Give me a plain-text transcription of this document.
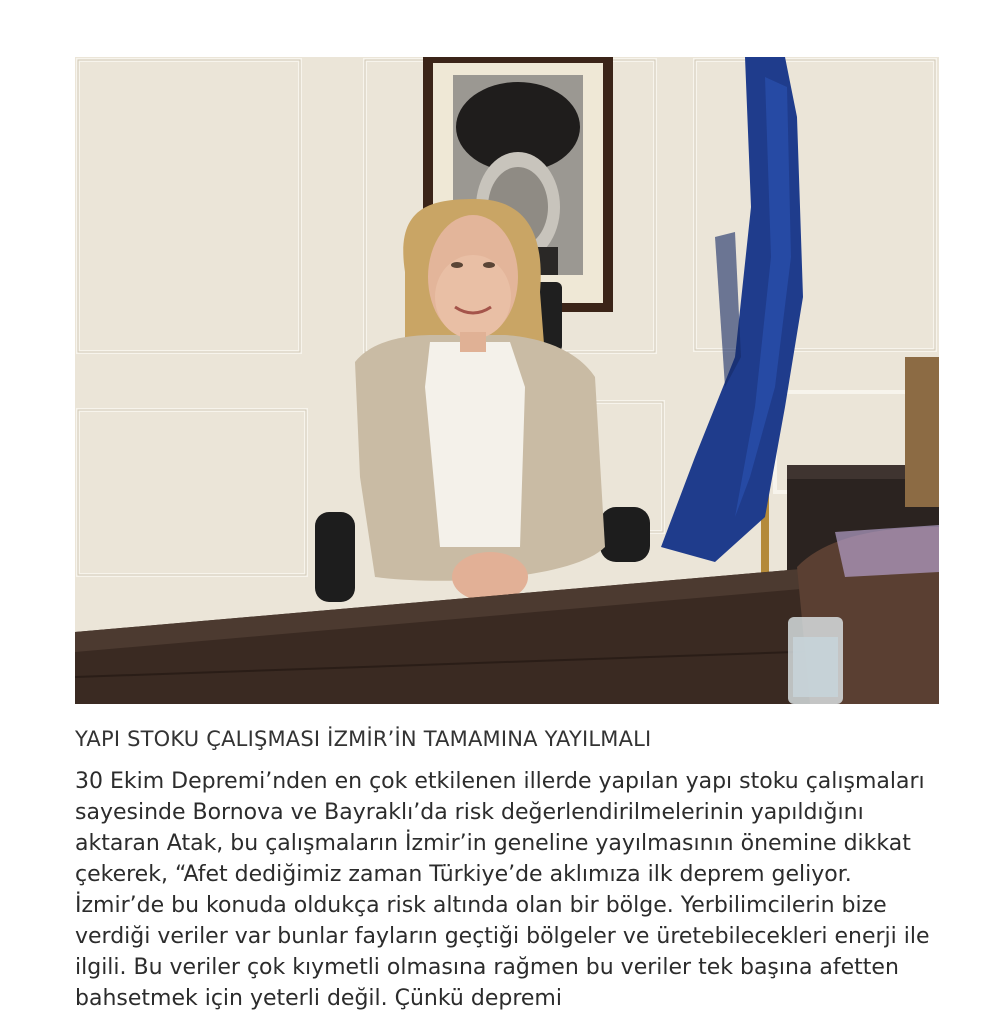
YAPI STOKU ÇALIŞMASI İZMİR’İN TAMAMINA YAYILMALI

30 Ekim Depremi’nden en çok etkilenen illerde yapılan yapı stoku çalışmaları sayesinde Bornova ve Bayraklı’da risk değerlendirilmelerinin yapıldığını aktaran Atak, bu çalışmaların İzmir’in geneline yayılmasının önemine dikkat çekerek, “Afet dediğimiz zaman Türkiye’de aklımıza ilk deprem geliyor. İzmir’de bu konuda oldukça risk altında olan bir bölge. Yerbilimcilerin bize verdiği veriler var bunlar fayların geçtiği bölgeler ve üretebilecekleri enerji ile ilgili. Bu veriler çok kıymetli olmasına rağmen bu veriler tek başına afetten bahsetmek için yeterli değil. Çünkü depremi
